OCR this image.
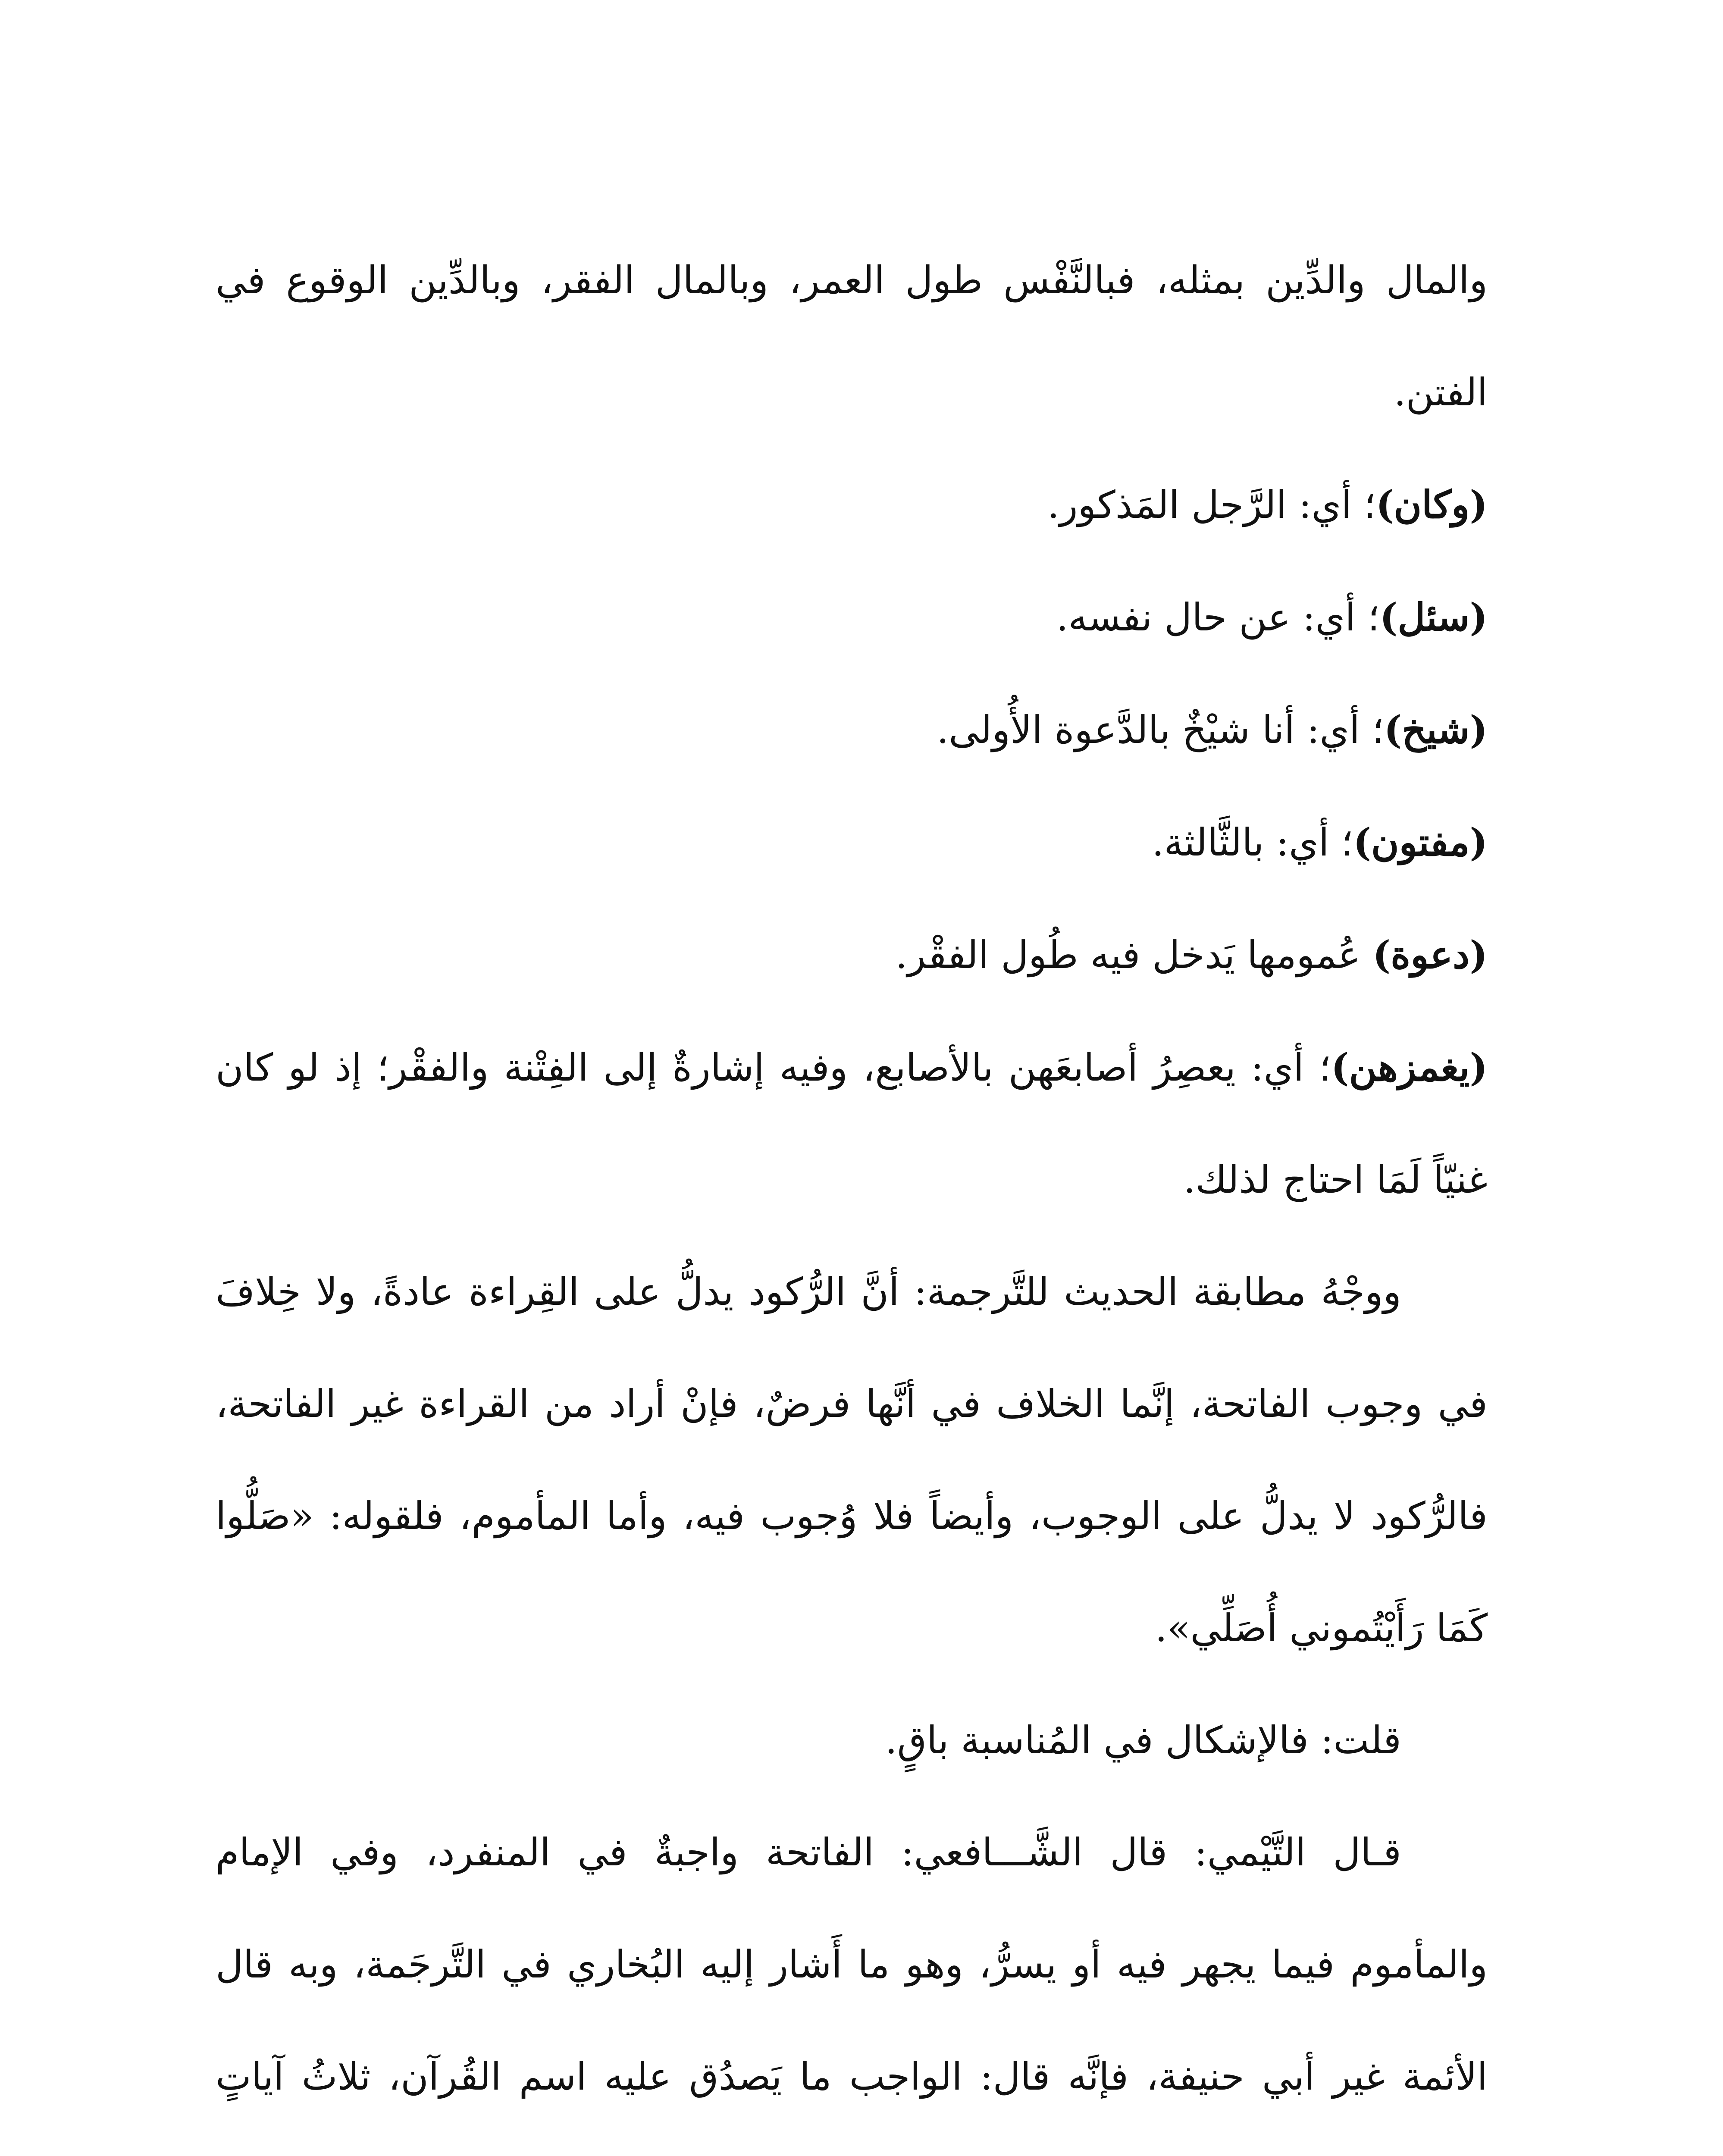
والمال والدِّين بمثله، فبالنَّفْس طول العمر، وبالمال الفقر، وبالدِّين الوقوع في الفتن.

(وكان)؛ أي: الرَّجل المَذكور.

(سئل)؛ أي: عن حال نفسه.

(شيخ)؛ أي: أنا شيْخٌ بالدَّعوة الأُولى.

(مفتون)؛ أي: بالثَّالثة.

(دعوة) عُمومها يَدخل فيه طُول الفقْر.

(يغمزهن)؛ أي: يعصِرُ أصابعَهن بالأصابع، وفيه إشارةٌ إلى الفِتْنة والفقْر؛ إذ لو كان غنيّاً لَمَا احتاج لذلك.

ووجْهُ مطابقة الحديث للتَّرجمة: أنَّ الرُّكود يدلُّ على القِراءة عادةً، ولا خِلافَ في وجوب الفاتحة، إنَّما الخلاف في أنَّها فرضٌ، فإنْ أراد من القراءة غير الفاتحة، فالرُّكود لا يدلُّ على الوجوب، وأيضاً فلا وُجوب فيه، وأما المأموم، فلقوله: «صَلُّوا كَمَا رَأَيْتُموني أُصَلِّي».

قلت: فالإشكال في المُناسبة باقٍ.

قـال التَّيْمي: قال الشَّـــافعي: الفاتحة واجبةٌ في المنفرد، وفي الإمام والمأموم فيما يجهر فيه أو يسرُّ، وهو ما أَشار إليه البُخاري في التَّرجَمة، وبه قال الأئمة غير أبي حنيفة، فإنَّه قال: الواجب ما يَصدُق عليه اسم القُرآن، ثلاثُ آياتٍ
